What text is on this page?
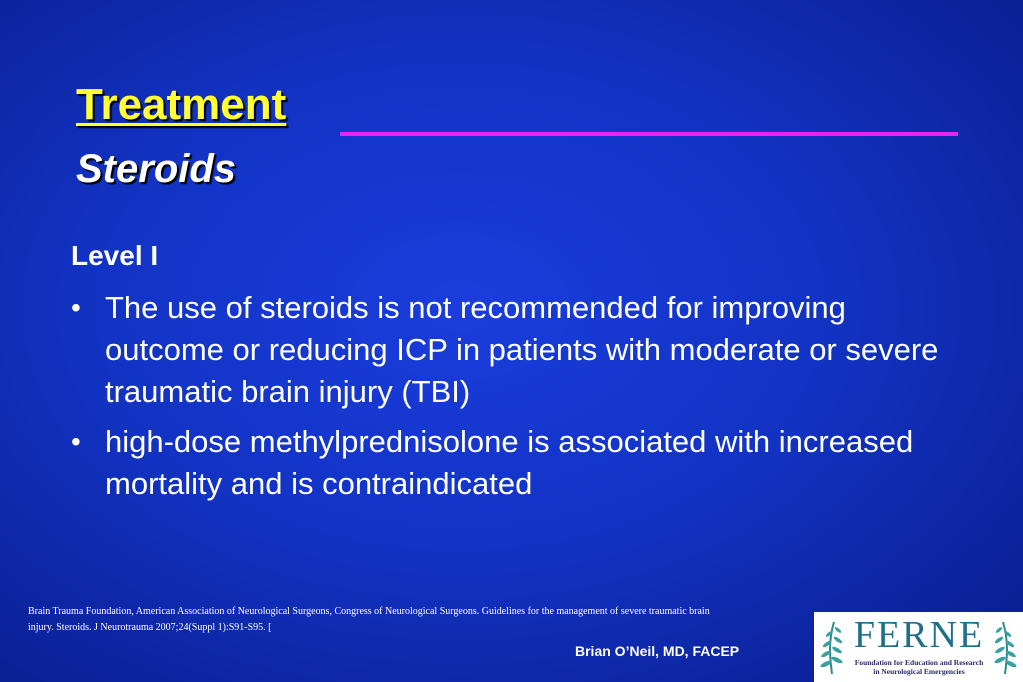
Treatment
Steroids
Level I
• The use of steroids is not recommended for improving outcome or reducing ICP in patients with moderate or severe traumatic brain injury (TBI)
• high-dose methylprednisolone is associated with increased mortality and is contraindicated
Brain Trauma Foundation, American Association of Neurological Surgeons, Congress of Neurological Surgeons. Guidelines for the management of severe traumatic brain injury. Steroids. J Neurotrauma 2007;24(Suppl 1):S91-S95. [
Brian O’Neil, MD, FACEP	FERNE
Foundation for Education and Research
in Neurological Emergencies
